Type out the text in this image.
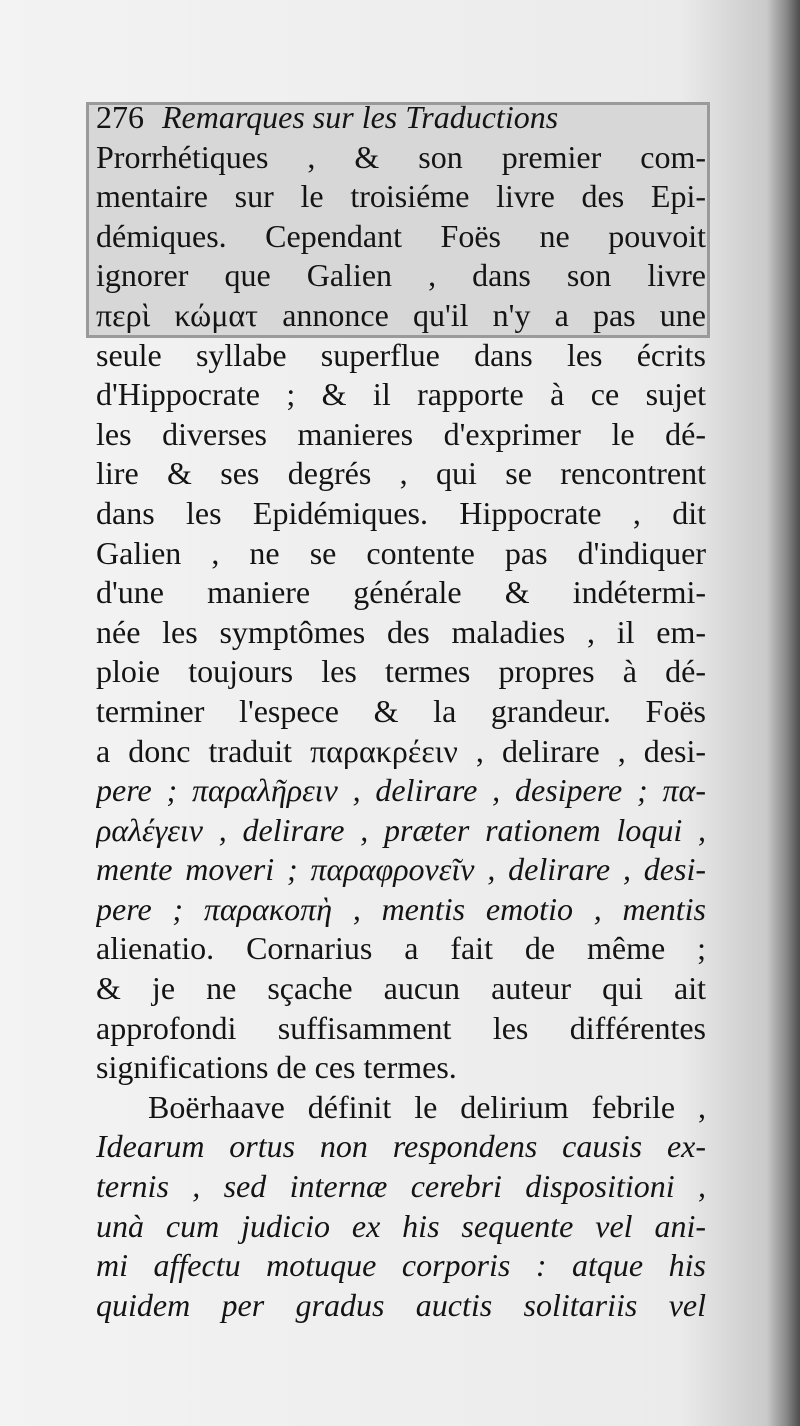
276 Remarques sur les Traductions
Prorrhétiques , & son premier com-
mentaire sur le troisiéme livre des Epi-
démiques. Cependant Foës ne pouvoit
ignorer que Galien , dans son livre
περὶ κώματ annonce qu'il n'y a pas une
seule syllabe superflue dans les écrits
d'Hippocrate ; & il rapporte à ce sujet
les diverses manieres d'exprimer le dé-
lire & ses degrés , qui se rencontrent
dans les Epidémiques. Hippocrate , dit
Galien , ne se contente pas d'indiquer
d'une maniere générale & indétermi-
née les symptômes des maladies , il em-
ploie toujours les termes propres à dé-
terminer l'espece & la grandeur. Foës
a donc traduit παρακρέειν , delirare , desi-
pere ; παραλῆρειν , delirare , desipere ; πα-
ραλέγειν , delirare , præter rationem loqui ,
mente moveri ; παραφρονεῖν , delirare , desi-
pere ; παρακοπὴ , mentis emotio , mentis
alienatio. Cornarius a fait de même ;
& je ne sçache aucun auteur qui ait
approfondi suffisamment les différentes
significations de ces termes.
Boërhaave définit le delirium febrile ,
Idearum ortus non respondens causis ex-
ternis , sed internæ cerebri dispositioni ,
unà cum judicio ex his sequente vel ani-
mi affectu motuque corporis : atque his
quidem per gradus auctis solitariis vel
